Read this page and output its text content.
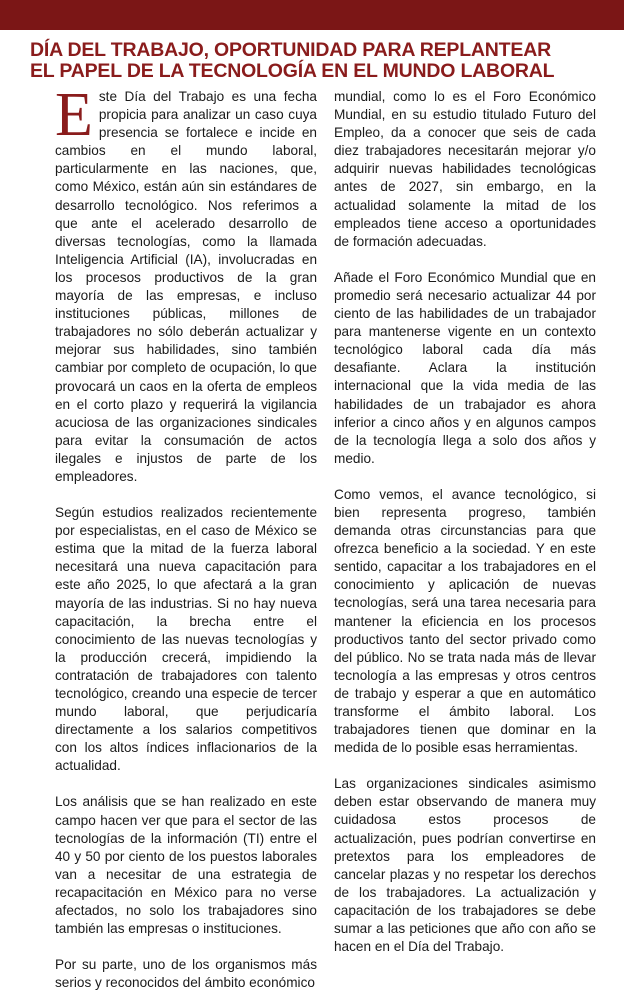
DÍA DEL TRABAJO, OPORTUNIDAD PARA REPLANTEAR
EL PAPEL DE LA TECNOLOGÍA EN EL MUNDO LABORAL

Este Día del Trabajo es una fecha propicia para analizar un caso cuya presencia se fortalece e incide en cambios en el mundo laboral, particularmente en las naciones, que, como México, están aún sin estándares de desarrollo tecnológico. Nos referimos a que ante el acelerado desarrollo de diversas tecnologías, como la llamada Inteligencia Artificial (IA), involucradas en los procesos productivos de la gran mayoría de las empresas, e incluso instituciones públicas, millones de trabajadores no sólo deberán actualizar y mejorar sus habilidades, sino también cambiar por completo de ocupación, lo que provocará un caos en la oferta de empleos en el corto plazo y requerirá la vigilancia acuciosa de las organizaciones sindicales para evitar la consumación de actos ilegales e injustos de parte de los empleadores.

Según estudios realizados recientemente por especialistas, en el caso de México se estima que la mitad de la fuerza laboral necesitará una nueva capacitación para este año 2025, lo que afectará a la gran mayoría de las industrias. Si no hay nueva capacitación, la brecha entre el conocimiento de las nuevas tecnologías y la producción crecerá, impidiendo la contratación de trabajadores con talento tecnológico, creando una especie de tercer mundo laboral, que perjudicaría directamente a los salarios competitivos con los altos índices inflacionarios de la actualidad.

Los análisis que se han realizado en este campo hacen ver que para el sector de las tecnologías de la información (TI) entre el 40 y 50 por ciento de los puestos laborales van a necesitar de una estrategia de recapacitación en México para no verse afectados, no solo los trabajadores sino también las empresas o instituciones.

Por su parte, uno de los organismos más serios y reconocidos del ámbito económico

mundial, como lo es el Foro Económico Mundial, en su estudio titulado Futuro del Empleo, da a conocer que seis de cada diez trabajadores necesitarán mejorar y/o adquirir nuevas habilidades tecnológicas antes de 2027, sin embargo, en la actualidad solamente la mitad de los empleados tiene acceso a oportunidades de formación adecuadas.

Añade el Foro Económico Mundial que en promedio será necesario actualizar 44 por ciento de las habilidades de un trabajador para mantenerse vigente en un contexto tecnológico laboral cada día más desafiante. Aclara la institución internacional que la vida media de las habilidades de un trabajador es ahora inferior a cinco años y en algunos campos de la tecnología llega a solo dos años y medio.

Como vemos, el avance tecnológico, si bien representa progreso, también demanda otras circunstancias para que ofrezca beneficio a la sociedad. Y en este sentido, capacitar a los trabajadores en el conocimiento y aplicación de nuevas tecnologías, será una tarea necesaria para mantener la eficiencia en los procesos productivos tanto del sector privado como del público. No se trata nada más de llevar tecnología a las empresas y otros centros de trabajo y esperar a que en automático transforme el ámbito laboral. Los trabajadores tienen que dominar en la medida de lo posible esas herramientas.

Las organizaciones sindicales asimismo deben estar observando de manera muy cuidadosa estos procesos de actualización, pues podrían convertirse en pretextos para los empleadores de cancelar plazas y no respetar los derechos de los trabajadores. La actualización y capacitación de los trabajadores se debe sumar a las peticiones que año con año se hacen en el Día del Trabajo.
